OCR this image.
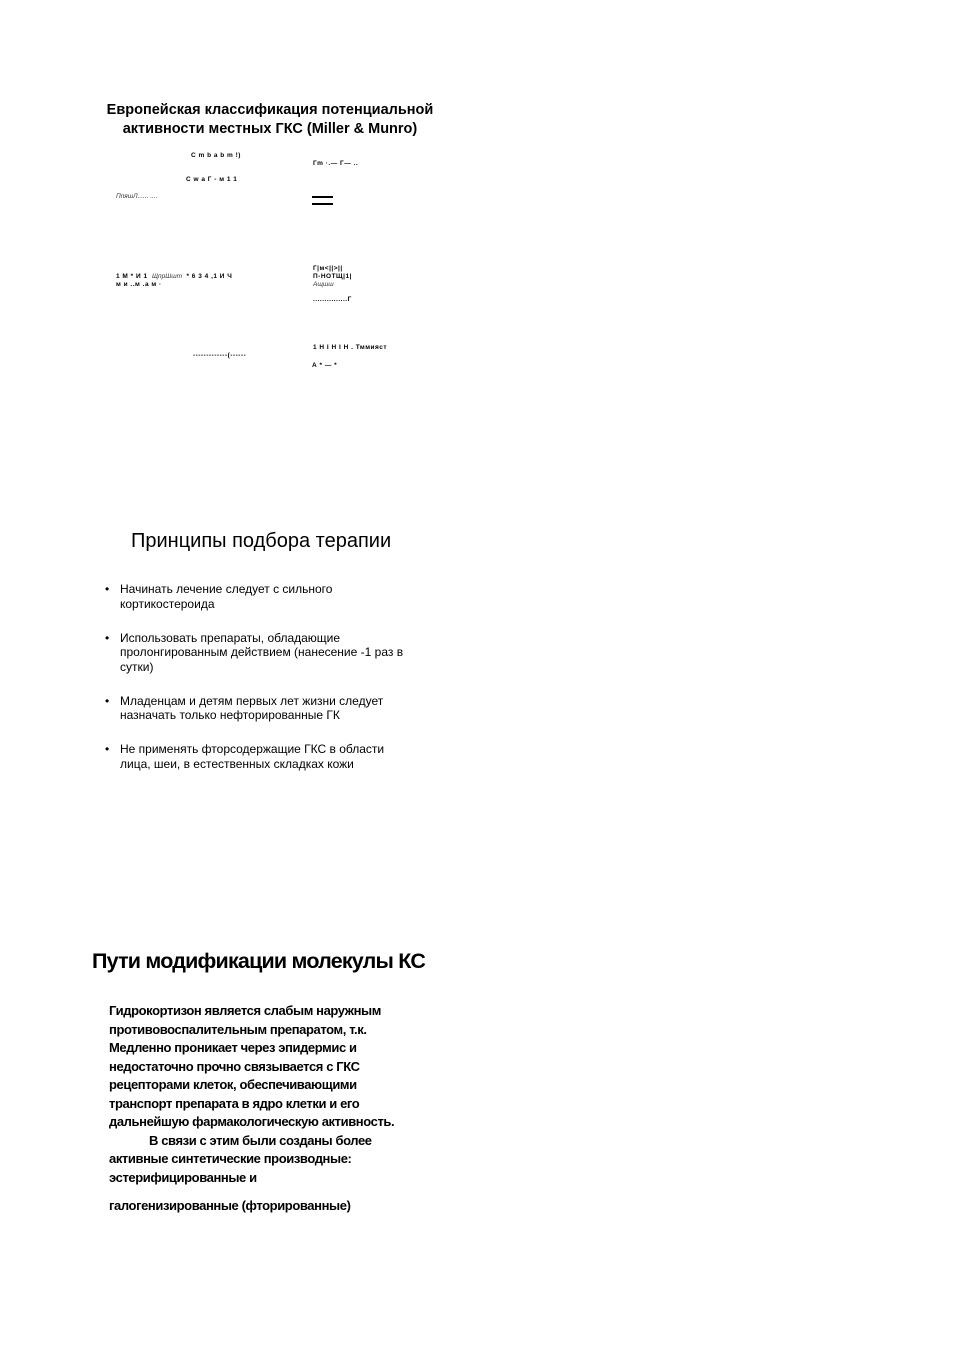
Европейская классификация потенциальной
активности местных ГКС (Miller & Munro)
С m b a b m !)
Гm ·.— Г— ..
С w a Г - м 1 1
ПпяшЛ...... ....
1 М * И 1 ЩпрШшт * 6 3 4 ,1 И Ч
Г|м<||>||
П-НОТЩ|1|
Ащшш
м и ..м .а м ·
...............Г
1 Н I Н I Н . Тммияст
-------------(------
А * — *
Принципы подбора терапии
• Начинать лечение следует с сильного
кортикостероида
• Использовать препараты, обладающие
пролонгированным действием (нанесение -1 раз в
сутки)
• Младенцам и детям первых лет жизни следует
назначать только нефторированные ГК
• Не применять фторсодержащие ГКС в области
лица, шеи, в естественных складках кожи
Пути модификации молекулы КС
Гидрокортизон является слабым наружным
противовоспалительным препаратом, т.к.
Медленно проникает через эпидермис и
недостаточно прочно связывается с ГКС
рецепторами клеток, обеспечивающими
транспорт препарата в ядро клетки и его
дальнейшую фармакологическую активность.
В связи с этим были созданы более
активные синтетические производные:
эстерифицированные и
галогенизированные (фторированные)
